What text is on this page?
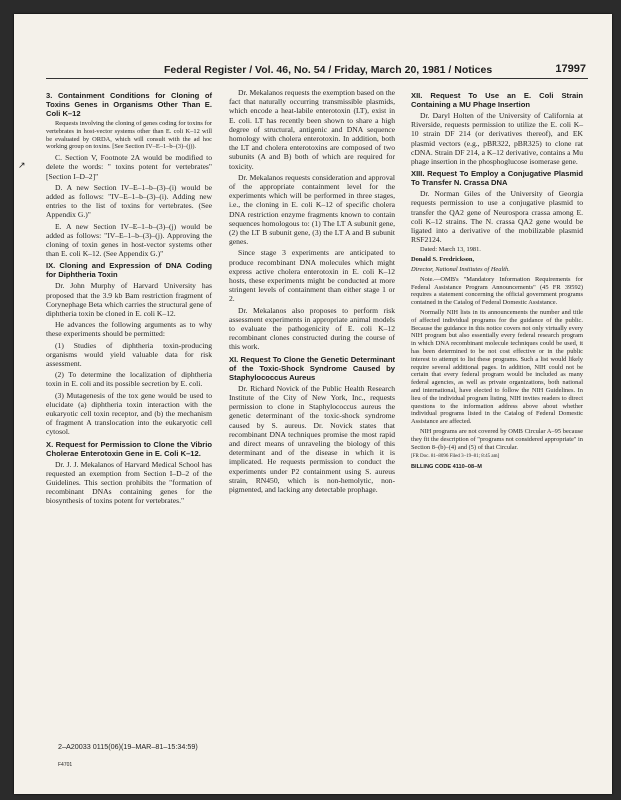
↗
Federal Register / Vol. 46, No. 54 / Friday, March 20, 1981 / Notices	17997
3. Containment Conditions for Cloning of Toxins Genes in Organisms Other Than E. Coli K–12

Requests involving the cloning of genes coding for toxins for vertebrates in host-vector systems other than E. coli K–12 will be evaluated by ORDA, which will consult with the ad hoc working group on toxins. [See Section IV–E–1–b–(3)–(j)).

C. Section V, Footnote 2A would be modified to delete the words: " toxins potent for vertebrates" [Section I–D–2]"

D. A new Section IV–E–1–b–(3)–(i) would be added as follows: "IV–E–1–b–(3)–(i). Adding new entries to the list of toxins for vertebrates. (See Appendix G.)"

E. A new Section IV–E–1–b–(3)–(j) would be added as follows: "IV–E–1–b–(3)–(j). Approving the cloning of toxin genes in host-vector systems other than E. coli K–12. (See Appendix G.)"

IX. Cloning and Expression of DNA Coding for Diphtheria Toxin

Dr. John Murphy of Harvard University has proposed that the 3.9 kb Bam restriction fragment of Corynephage Beta which carries the structural gene of diphtheria toxin be cloned in E. coli K–12.

He advances the following arguments as to why these experiments should be permitted:

(1) Studies of diphtheria toxin-producing organisms would yield valuable data for risk assessment.

(2) To determine the localization of diphtheria toxin in E. coli and its possible secretion by E. coli.

(3) Mutagenesis of the tox gene would be used to elucidate (a) diphtheria toxin interaction with the eukaryotic cell toxin receptor, and (b) the mechanism of fragment A translocation into the eukaryotic cell cytosol.

X. Request for Permission to Clone the Vibrio Cholerae Enterotoxin Gene in E. Coli K–12.

Dr. J. J. Mekalanos of Harvard Medical School has requested an exemption from Section I–D–2 of the Guidelines. This section prohibits the "formation of recombinant DNAs containing genes for the biosynthesis of toxins potent for vertebrates."

Dr. Mekalanos requests the exemption based on the fact that naturally occurring transmissible plasmids, which encode a heat-labile enterotoxin (LT), exist in E. coli. LT has recently been shown to share a high degree of structural, antigenic and DNA sequence homology with cholera enterotoxin. In addition, both the LT and cholera enterotoxins are composed of two subunits (A and B) both of which are required for toxicity.

Dr. Mekalanos requests consideration and approval of the appropriate containment level for the experiments which will be performed in three stages, i.e., the cloning in E. coli K–12 of specific cholera DNA restriction enzyme fragments known to contain sequences homologous to: (1) The LT A subunit gene, (2) the LT B subunit gene, (3) the LT A and B subunit genes.

Since stage 3 experiments are anticipated to produce recombinant DNA molecules which might express active cholera enterotoxin in E. coli K–12 hosts, these experiments might be conducted at more stringent levels of containment than either stage 1 or 2.

Dr. Mekalanos also proposes to perform risk assessment experiments in appropriate animal models to evaluate the pathogenicity of E. coli K–12 recombinant clones constructed during the course of this work.

XI. Request To Clone the Genetic Determinant of the Toxic-Shock Syndrome Caused by Staphylococcus Aureus

Dr. Richard Novick of the Public Health Research Institute of the City of New York, Inc., requests permission to clone in Staphylococcus aureus the genetic determinant of the toxic-shock syndrome caused by S. aureus. Dr. Novick states that recombinant DNA techniques promise the most rapid and direct means of unraveling the biology of this determinant and of the disease in which it is implicated. He requests permission to conduct the experiments under P2 containment using S. aureus strain, RN450, which is non-hemolytic, non-pigmented, and lacking any detectable prophage.

XII. Request To Use an E. Coli Strain Containing a MU Phage Insertion

Dr. Daryl Holten of the University of California at Riverside, requests permission to utilize the E. coli K–10 strain DF 214 (or derivatives thereof), and EK plasmid vectors (e.g., pBR322, pBR325) to clone rat cDNA. Strain DF 214, a K–12 derivative, contains a Mu phage insertion in the phosphoglucose isomerase gene.

XIII. Request To Employ a Conjugative Plasmid To Transfer N. Crassa DNA

Dr. Norman Giles of the University of Georgia requests permission to use a conjugative plasmid to transfer the QA2 gene of Neurospora crassa among E. coli K–12 strains. The N. crassa QA2 gene would be ligated into a derivative of the mobilizable plasmid RSF2124.

Dated: March 13, 1981.

Donald S. Fredrickson,

Director, National Institutes of Health.

Note.—OMB's "Mandatory Information Requirements for Federal Assistance Program Announcements" (45 FR 39592) requires a statement concerning the official government programs contained in the Catalog of Federal Domestic Assistance.

Normally NIH lists in its announcements the number and title of affected individual programs for the guidance of the public. Because the guidance in this notice covers not only virtually every NIH program but also essentially every federal research program in which DNA recombinant molecule techniques could be used, it has been determined to be not cost effective or in the public interest to attempt to list these programs. Such a list would likely require several additional pages. In addition, NIH could not be certain that every federal program would be included as many federal agencies, as well as private organizations, both national and international, have elected to follow the NIH Guidelines. In lieu of the individual program listing, NIH invites readers to direct questions to the information address above about whether individual programs listed in the Catalog of Federal Domestic Assistance are affected.

NIH programs are not covered by OMB Circular A–95 because they fit the description of "programs not considered appropriate" in Section 8–(b)–(4) and (5) of that Circular.

[FR Doc. 81–8096 Filed 3–19–81; 8:45 am]

BILLING CODE 4110–08–M
2–A20033 0115(06)(19–MAR–81–15:34:59)
F4701
